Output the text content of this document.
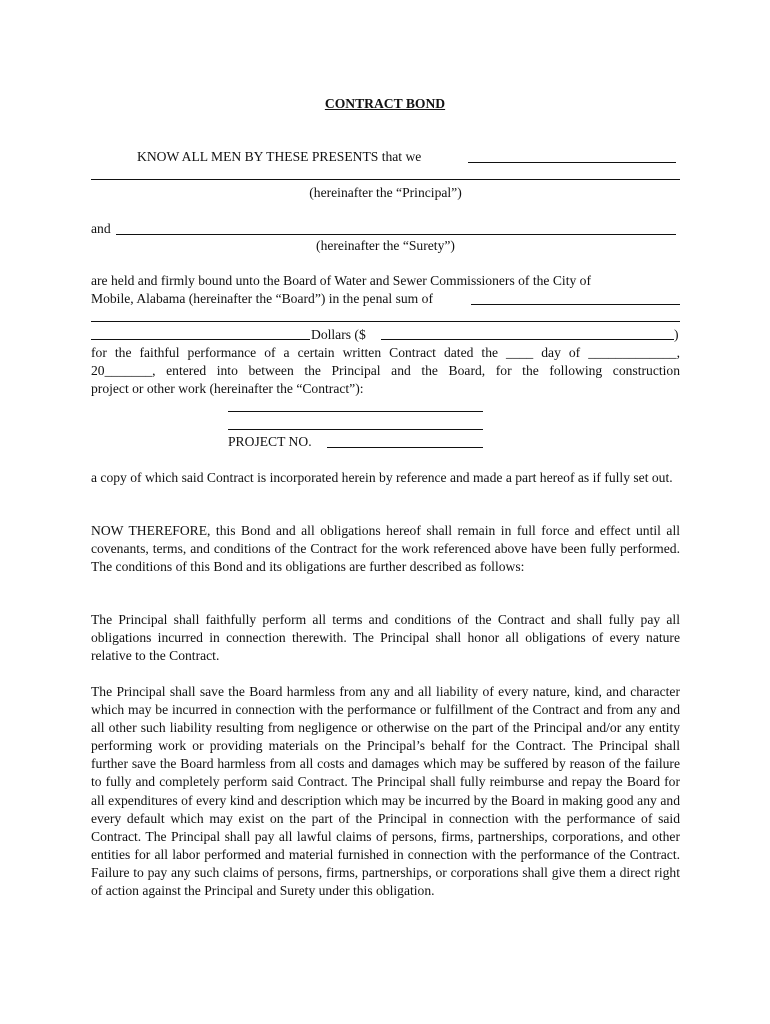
CONTRACT BOND
KNOW ALL MEN BY THESE PRESENTS that we
(hereinafter the “Principal”)
and
(hereinafter the “Surety”)
are held and firmly bound unto the Board of Water and Sewer Commissioners of the City of
Mobile, Alabama (hereinafter the “Board”) in the penal sum of
Dollars ($	)
for the faithful performance of a certain written Contract dated the ____ day of _____________,
20_______, entered into between the Principal and the Board, for the following construction
project or other work (hereinafter the “Contract”):
PROJECT NO.
a copy of which said Contract is incorporated herein by reference and made a part hereof as if fully set out.
NOW THEREFORE, this Bond and all obligations hereof shall remain in full force and effect until all covenants, terms, and conditions of the Contract for the work referenced above have been fully performed. The conditions of this Bond and its obligations are further described as follows:
The Principal shall faithfully perform all terms and conditions of the Contract and shall fully pay all obligations incurred in connection therewith. The Principal shall honor all obligations of every nature relative to the Contract.
The Principal shall save the Board harmless from any and all liability of every nature, kind, and character which may be incurred in connection with the performance or fulfillment of the Contract and from any and all other such liability resulting from negligence or otherwise on the part of the Principal and/or any entity performing work or providing materials on the Principal’s behalf for the Contract. The Principal shall further save the Board harmless from all costs and damages which may be suffered by reason of the failure to fully and completely perform said Contract. The Principal shall fully reimburse and repay the Board for all expenditures of every kind and description which may be incurred by the Board in making good any and every default which may exist on the part of the Principal in connection with the performance of said Contract. The Principal shall pay all lawful claims of persons, firms, partnerships, corporations, and other entities for all labor performed and material furnished in connection with the performance of the Contract. Failure to pay any such claims of persons, firms, partnerships, or corporations shall give them a direct right of action against the Principal and Surety under this obligation.
